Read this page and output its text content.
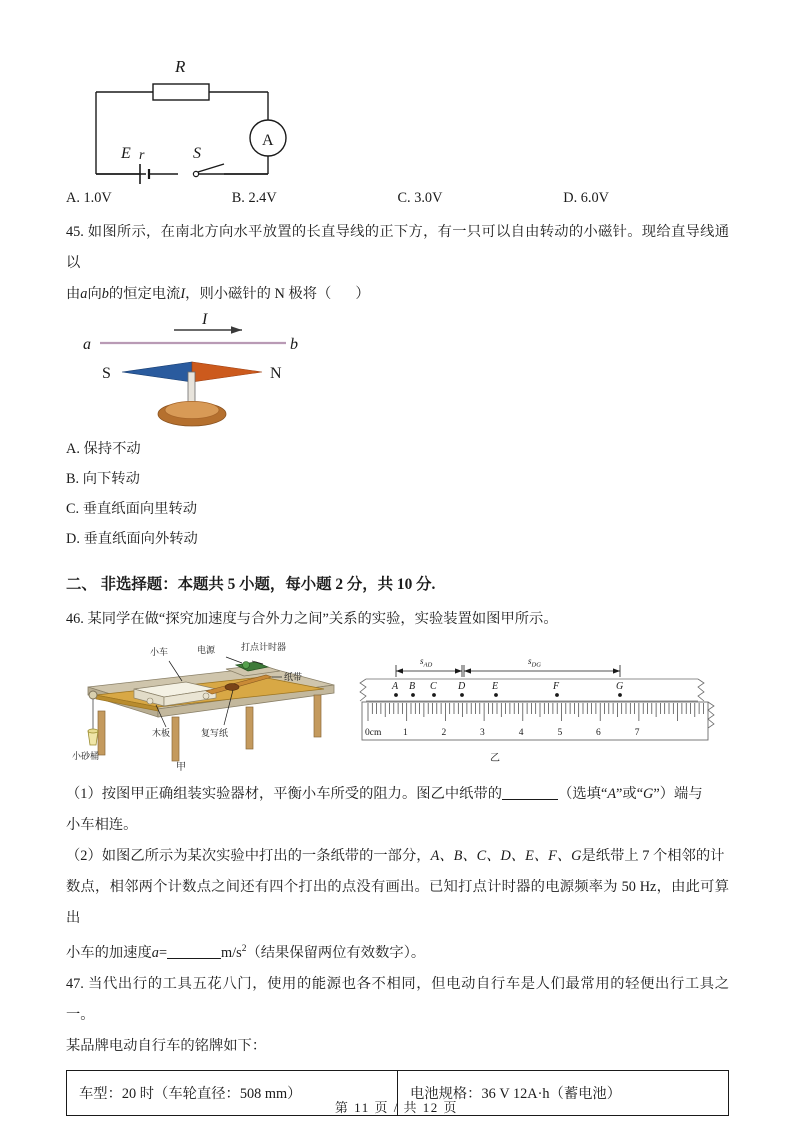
R
A
E r	S
A. 1.0V	B. 2.4V	C. 3.0V	D. 6.0V
45. 如图所示，在南北方向水平放置的长直导线的正下方，有一只可以自由转动的小磁针。现给直导线通以
由a向b的恒定电流I，则小磁针的 N 极将（ ）
I
a	b
S	N
A. 保持不动
B. 向下转动
C. 垂直纸面向里转动
D. 垂直纸面向外转动
二、 非选择题：本题共 5 小题，每小题 2 分，共 10 分.
46. 某同学在做“探究加速度与合外力之间”关系的实验，实验装置如图甲所示。
小车	电源	打点计时器
纸带
木板	复写纸
小砂桶
甲
$s_{AD}$	$s_{DG}$
A B C D	E	F	G
0cm 1	2	3	4	5	6	7
乙
（1）按图甲正确组装实验器材，平衡小车所受的阻力。图乙中纸带的	（选填“A”或“G”）端与
小车相连。
（2）如图乙所示为某次实验中打出的一条纸带的一部分，A、B、C、D、E、F、G是纸带上 7 个相邻的计
数点，相邻两个计数点之间还有四个打出的点没有画出。已知打点计时器的电源频率为 50 Hz，由此可算出
小车的加速度a=	$m/s^2$（结果保留两位有效数字）。
47. 当代出行的工具五花八门，使用的能源也各不相同，但电动自行车是人们最常用的轻便出行工具之一。
某品牌电动自行车的铭牌如下：
车型：20 时（车轮直径：508 mm）	电池规格：36 V 12A·h（蓄电池）
第 11 页 / 共 12 页
